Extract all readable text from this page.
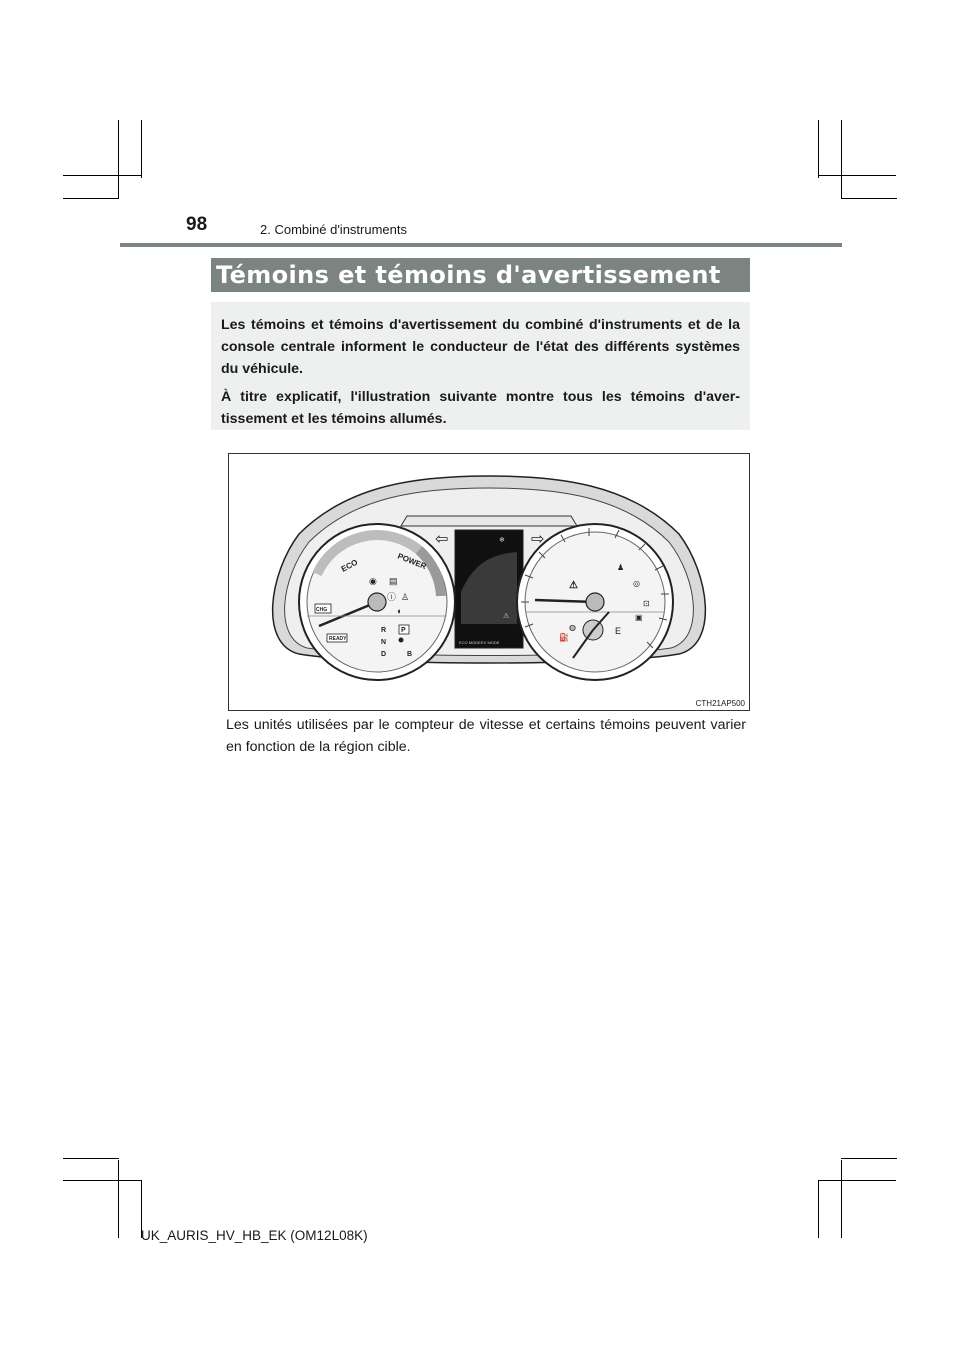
98	2. Combiné d'instruments
Témoins et témoins d'avertissement

Les témoins et témoins d'avertissement du combiné d'instruments et de la console centrale informent le conducteur de l'état des différents systèmes du véhicule.

À titre explicatif, l'illustration suivante montre tous les témoins d'aver-tissement et les témoins allumés.

⇦	⇨
ECO	POWER
CHG
READY
◉ ▤
♙
◐
ⓘ
R
N
D
P
B
❄
⚠
ECO MODE EV MODE
⛽
E
⚠	◎
⊡
♟
▣
◍
CTH21AP500
Les unités utilisées par le compteur de vitesse et certains témoins peuvent varier en fonction de la région cible.
UK_AURIS_HV_HB_EK (OM12L08K)
